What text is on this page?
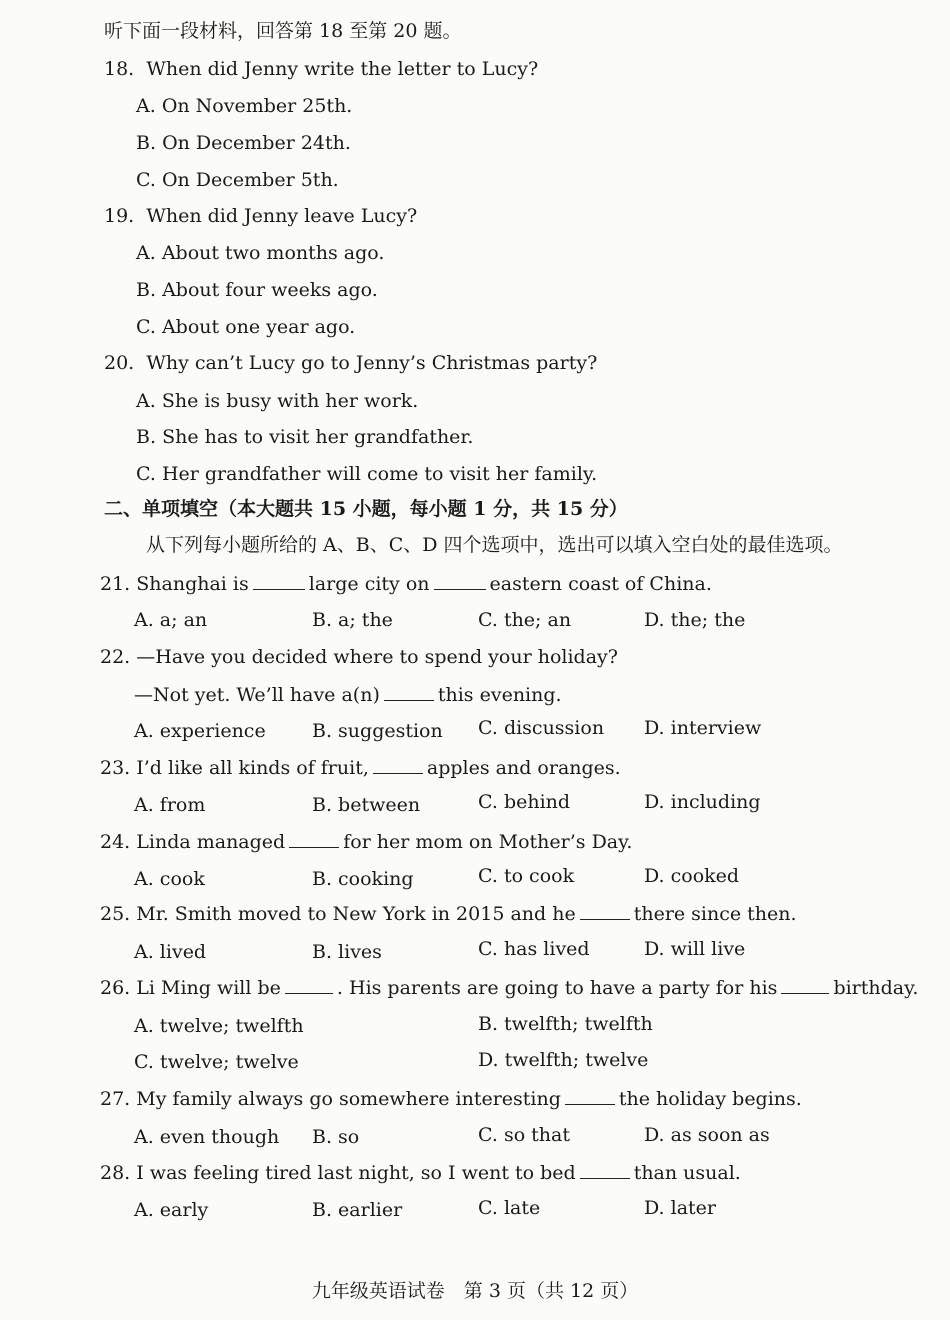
听下面一段材料，回答第 18 至第 20 题。
18. When did Jenny write the letter to Lucy?
A. On November 25th.
B. On December 24th.
C. On December 5th.
19. When did Jenny leave Lucy?
A. About two months ago.
B. About four weeks ago.
C. About one year ago.
20. Why can’t Lucy go to Jenny’s Christmas party?
A. She is busy with her work.
B. She has to visit her grandfather.
C. Her grandfather will come to visit her family.
二、单项填空（本大题共 15 小题，每小题 1 分，共 15 分）
从下列每小题所给的 A、B、C、D 四个选项中，选出可以填入空白处的最佳选项。
21. Shanghai is	large city on	eastern coast of China.
A. a; an	B. a; the	C. the; an	D. the; the
22. —Have you decided where to spend your holiday?
—Not yet. We’ll have a(n)	this evening.
A. experience B. suggestion C. discussion D. interview
23. I’d like all kinds of fruit,	apples and oranges.
A. from	B. between	C. behind	D. including
24. Linda managed	for her mom on Mother’s Day.
A. cook	B. cooking	C. to cook	D. cooked
25. Mr. Smith moved to New York in 2015 and he	there since then.
A. lived	B. lives	C. has lived	D. will live
26. Li Ming will be	. His parents are going to have a party for his	birthday.
A. twelve; twelfth	B. twelfth; twelfth
C. twelve; twelve	D. twelfth; twelve
27. My family always go somewhere interesting	the holiday begins.
A. even though B. so	C. so that	D. as soon as
28. I was feeling tired last night, so I went to bed	than usual.
A. early	B. earlier	C. late	D. later
九年级英语试卷　第 3 页（共 12 页）
